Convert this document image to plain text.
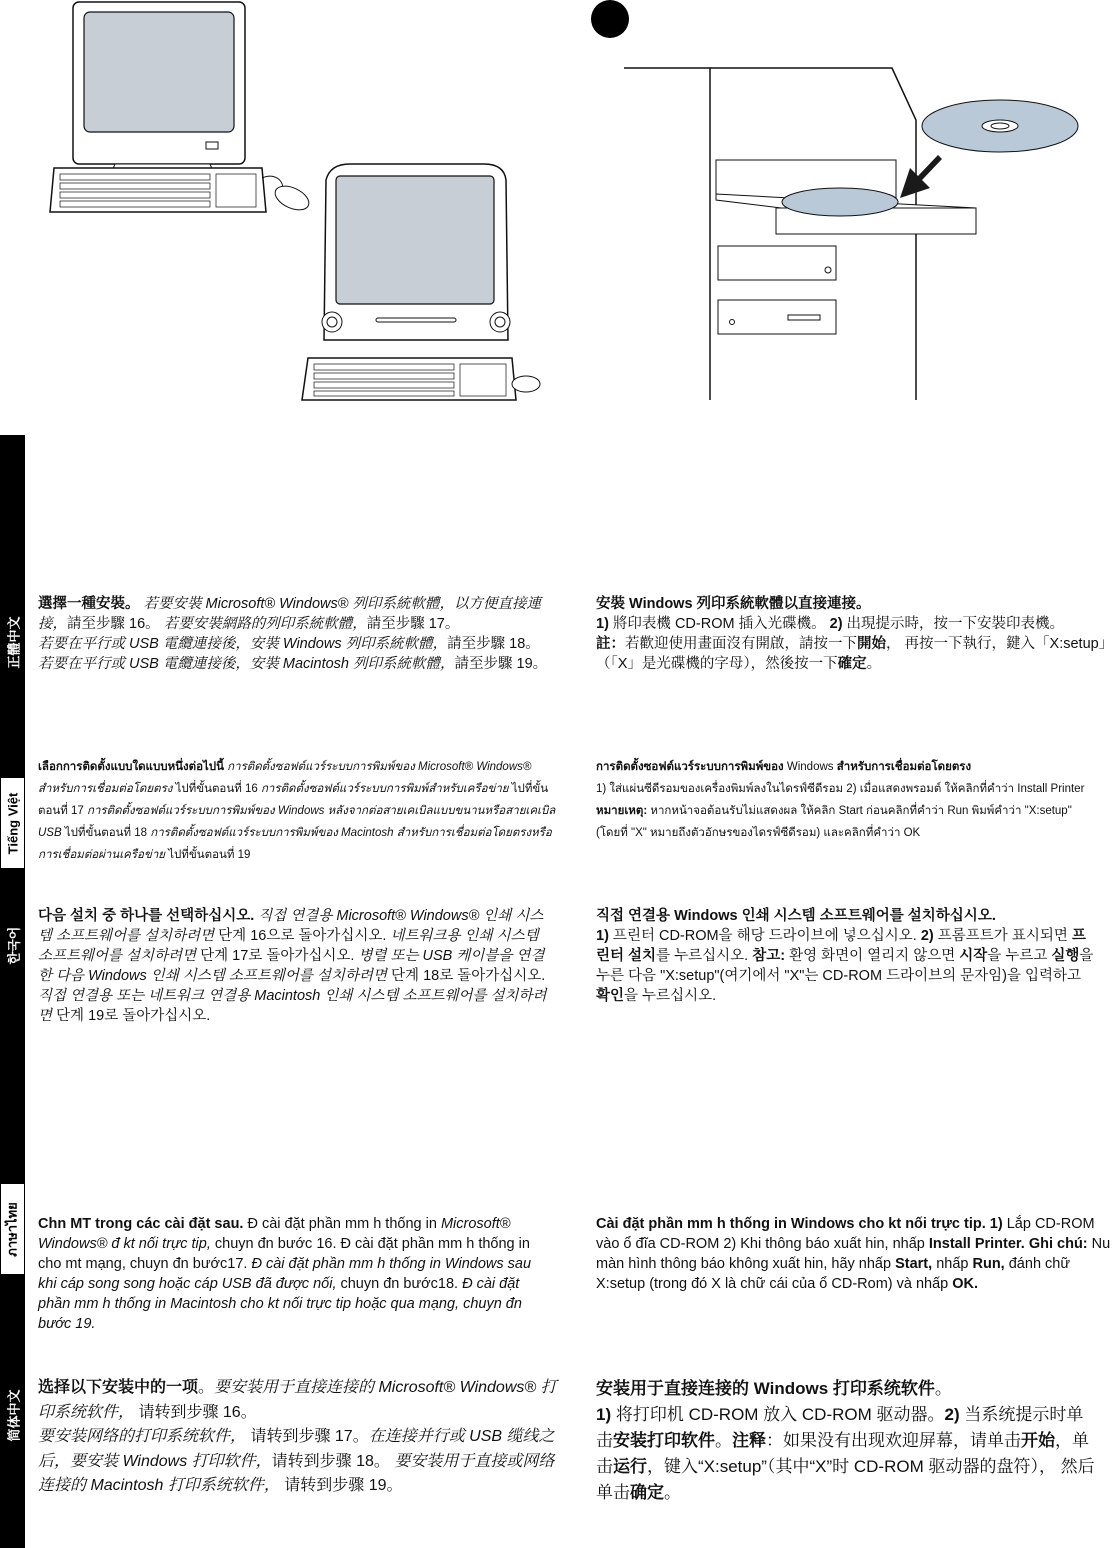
正體中文
Tiếng Việt
한국어
ภาษาไทย
简体中文
選擇一種安裝。 若要安裝 Microsoft® Windows® 列印系統軟體，以方便直接連接，請至步驟 16。 若要安裝網路的列印系統軟體，請至步驟 17。
若要在平行或 USB 電纜連接後，安裝 Windows 列印系統軟體，請至步驟 18。若要在平行或 USB 電纜連接後，安裝 Macintosh 列印系統軟體，請至步驟 19。
安裝 Windows 列印系統軟體以直接連接。
1) 將印表機 CD-ROM 插入光碟機。 2) 出現提示時，按一下安裝印表機。
註：若歡迎使用畫面沒有開啟，請按一下開始， 再按一下執行，鍵入「X:setup」（「X」是光碟機的字母），然後按一下確定。
เลือกการติดตั้งแบบใดแบบหนึ่งต่อไปนี้ การติดตั้งซอฟต์แวร์ระบบการพิมพ์ของ Microsoft® Windows® สำหรับการเชื่อมต่อโดยตรง ไปที่ขั้นตอนที่ 16 การติดตั้งซอฟต์แวร์ระบบการพิมพ์สำหรับเครือข่าย ไปที่ขั้นตอนที่ 17 การติดตั้งซอฟต์แวร์ระบบการพิมพ์ของ Windows หลังจากต่อสายเคเบิลแบบขนานหรือสายเคเบิล USB ไปที่ขั้นตอนที่ 18 การติดตั้งซอฟต์แวร์ระบบการพิมพ์ของ Macintosh สำหรับการเชื่อมต่อโดยตรงหรือการเชื่อมต่อผ่านเครือข่าย ไปที่ขั้นตอนที่ 19
การติดตั้งซอฟต์แวร์ระบบการพิมพ์ของ Windows สำหรับการเชื่อมต่อโดยตรง
1) ใส่แผ่นซีดีรอมของเครื่องพิมพ์ลงในไดรฟ์ซีดีรอม 2) เมื่อแสดงพรอมต์ ให้คลิกที่คำว่า Install Printer หมายเหตุ: หากหน้าจอต้อนรับไม่แสดงผล ให้คลิก Start ก่อนคลิกที่คำว่า Run พิมพ์คำว่า "X:setup" (โดยที่ "X" หมายถึงตัวอักษรของไดรฟ์ซีดีรอม) และคลิกที่คำว่า OK
다음 설치 중 하나를 선택하십시오. 직접 연결용 Microsoft® Windows® 인쇄 시스템 소프트웨어를 설치하려면 단계 16으로 돌아가십시오. 네트워크용 인쇄 시스템 소프트웨어를 설치하려면 단계 17로 돌아가십시오. 병렬 또는 USB 케이블을 연결한 다음 Windows 인쇄 시스템 소프트웨어를 설치하려면 단계 18로 돌아가십시오. 직접 연결용 또는 네트워크 연결용 Macintosh 인쇄 시스템 소프트웨어를 설치하려면 단계 19로 돌아가십시오.
직접 연결용 Windows 인쇄 시스템 소프트웨어를 설치하십시오.
1) 프린터 CD-ROM을 해당 드라이브에 넣으십시오. 2) 프롬프트가 표시되면 프린터 설치를 누르십시오. 참고: 환영 화면이 열리지 않으면 시작을 누르고 실행을 누른 다음 "X:setup"(여기에서 "X"는 CD-ROM 드라이브의 문자임)을 입력하고 확인을 누르십시오.
Chn MT trong các cài đặt sau. Đ cài đặt phần mm h thống in Microsoft® Windows® đ kt nối trực tip, chuyn đn bước 16. Đ cài đặt phần mm h thống in cho mt mạng, chuyn đn bước17. Đ cài đặt phần mm h thống in Windows sau khi cáp song song hoặc cáp USB đã được nối, chuyn đn bước18. Đ cài đặt phần mm h thống in Macintosh cho kt nối trực tip hoặc qua mạng, chuyn đn bước 19.
Cài đặt phần mm h thống in Windows cho kt nối trực tip. 1) Lắp CD-ROM vào ổ đĩa CD-ROM 2) Khi thông báo xuất hin, nhấp Install Printer. Ghi chú: Nu màn hình thông báo không xuất hin, hãy nhấp Start, nhấp Run, đánh chữ X:setup (trong đó X là chữ cái của ổ CD-Rom) và nhấp OK.
选择以下安装中的一项。要安装用于直接连接的 Microsoft® Windows® 打印系统软件， 请转到步骤 16。
要安装网络的打印系统软件， 请转到步骤 17。在连接并行或 USB 缆线之后，要安装 Windows 打印软件，请转到步骤 18。 要安装用于直接或网络连接的 Macintosh 打印系统软件， 请转到步骤 19。
安装用于直接连接的 Windows 打印系统软件。
1) 将打印机 CD-ROM 放入 CD-ROM 驱动器。2) 当系统提示时单击安装打印软件。注释：如果没有出现欢迎屏幕，请单击开始，单击运行，键入“X:setup”（其中“X”时 CD-ROM 驱动器的盘符）， 然后单击确定。
